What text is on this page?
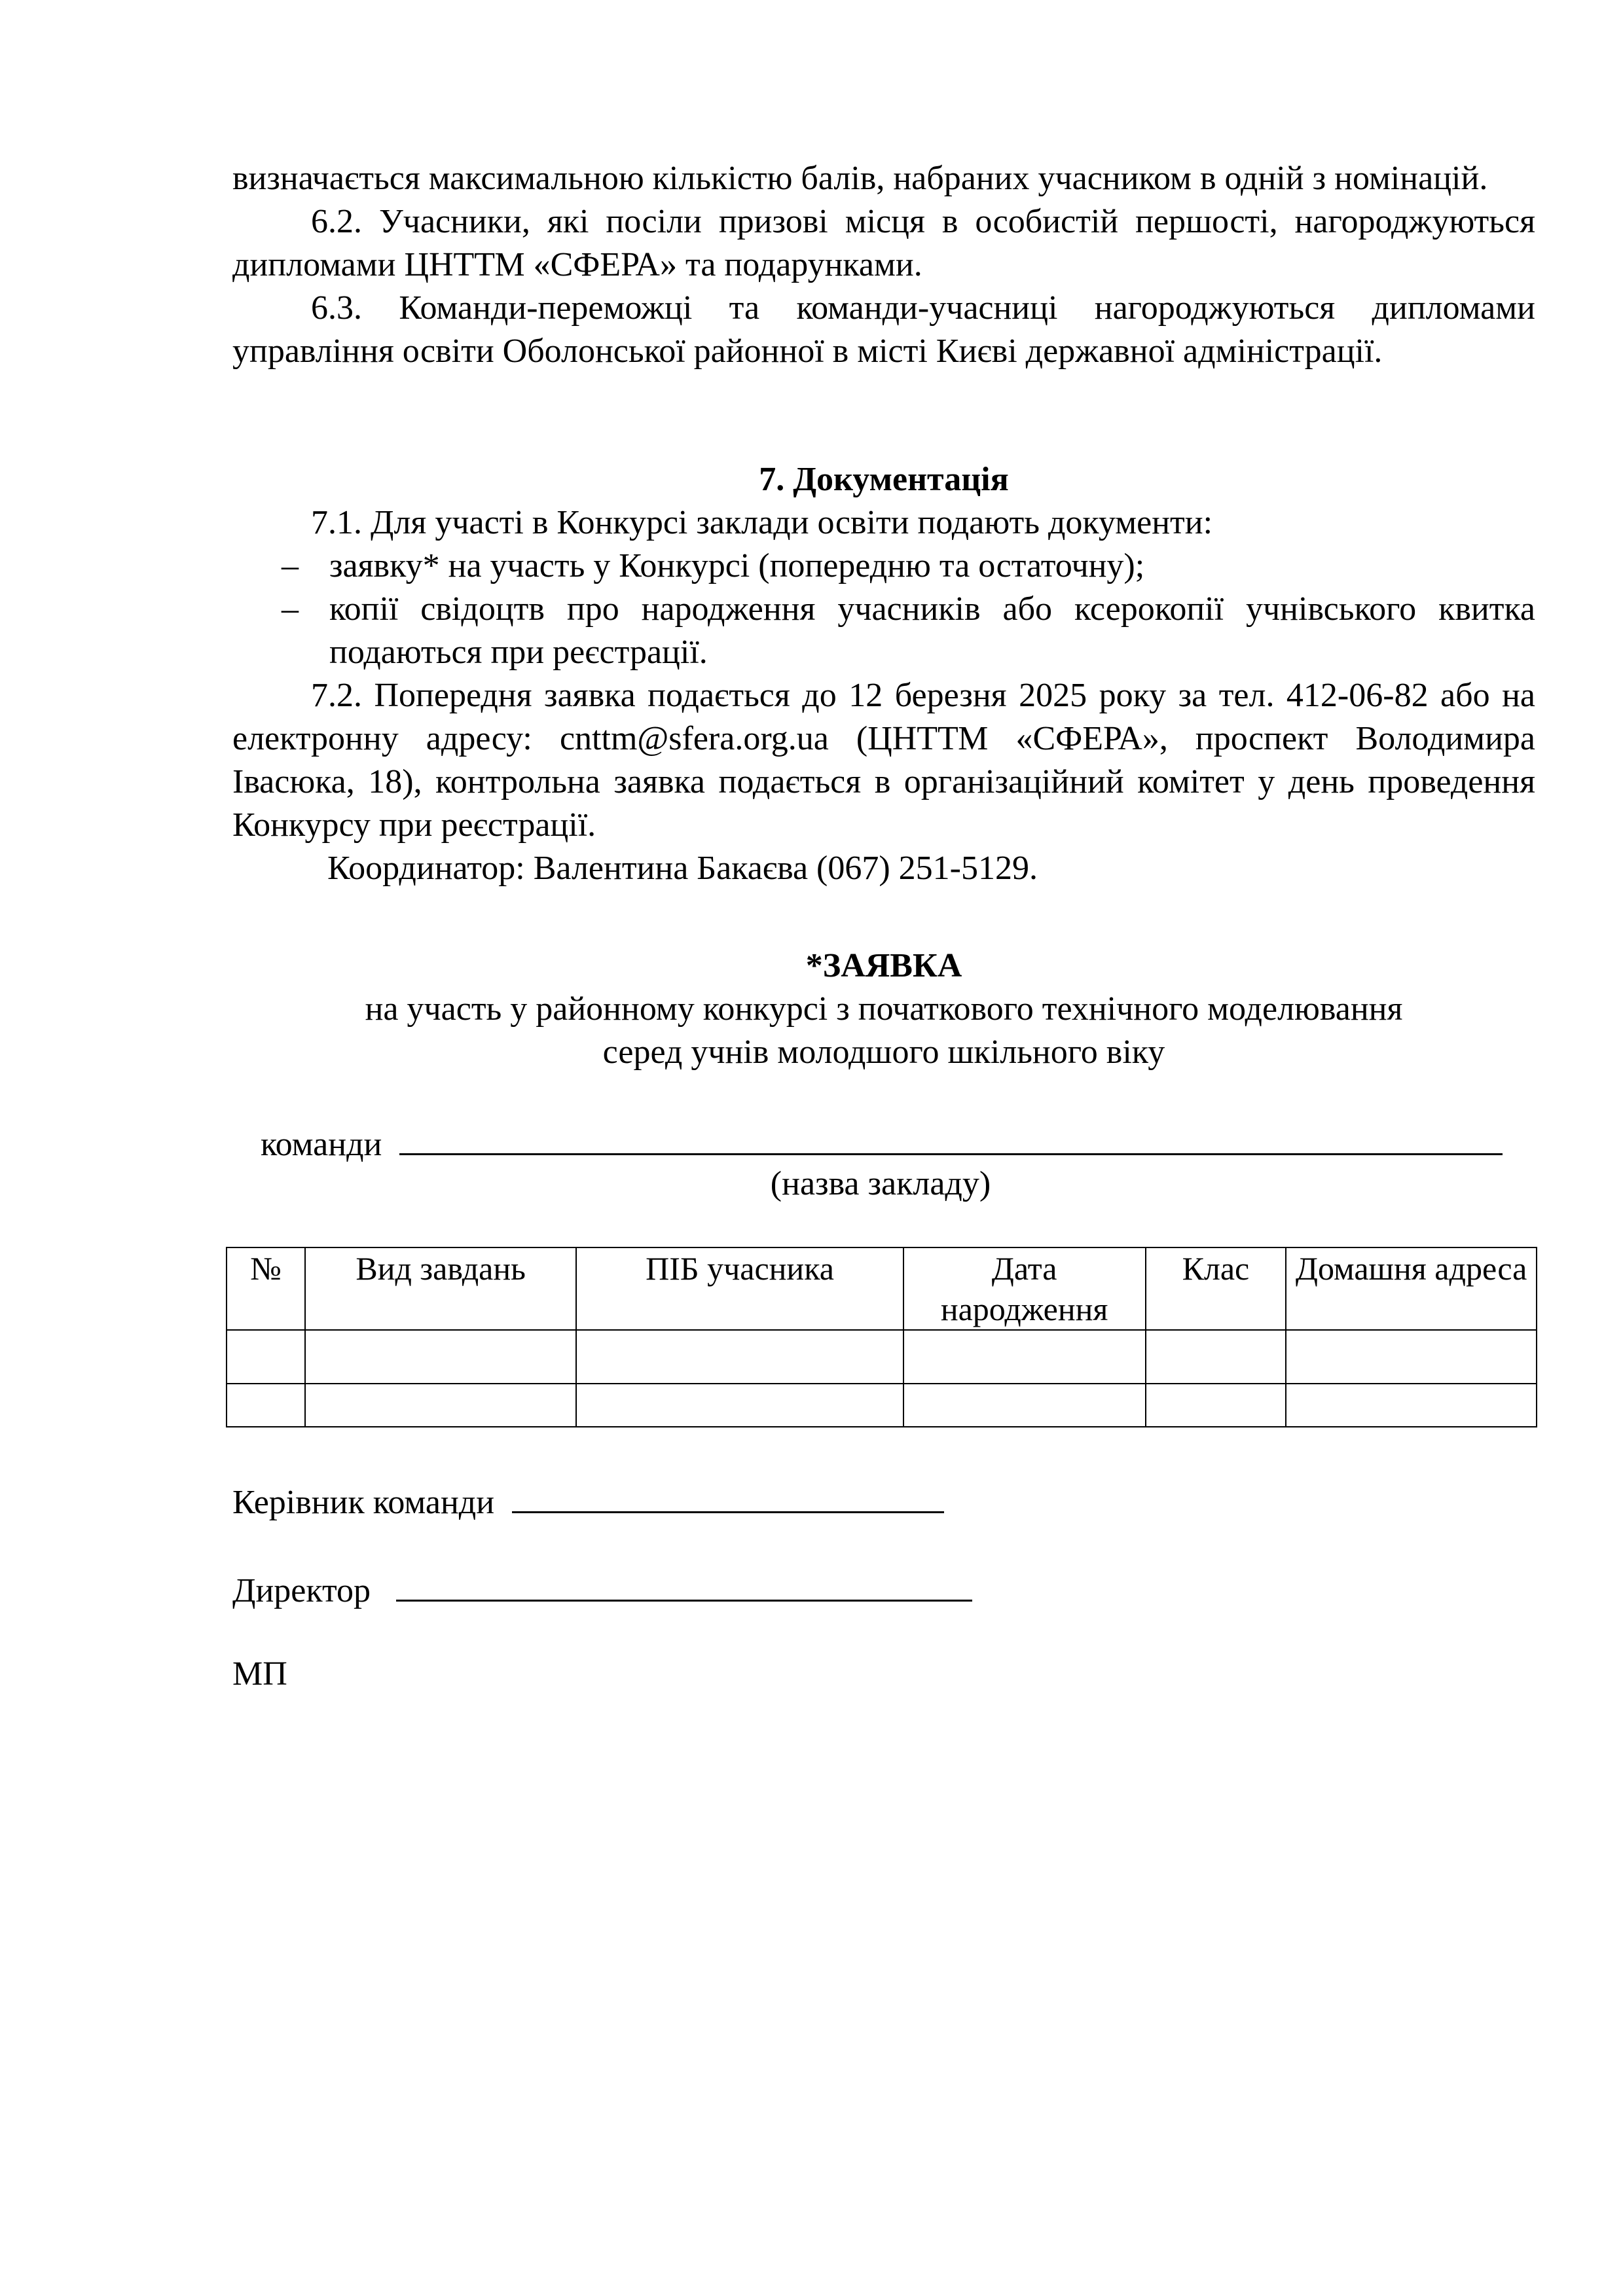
визначається максимальною кількістю балів, набраних учасником в одній з номінацій.

6.2. Учасники, які посіли призові місця в особистій першості, нагороджуються дипломами ЦНТТМ «СФЕРА» та подарунками.

6.3. Команди-переможці та команди-учасниці нагороджуються дипломами управління освіти Оболонської районної в місті Києві державної адміністрації.

7. Документація

7.1. Для участі в Конкурсі заклади освіти подають документи:

– заявку* на участь у Конкурсі (попередню та остаточну);
– копії свідоцтв про народження учасників або ксерокопії учнівського квитка подаються при реєстрації.

7.2. Попередня заявка подається до 12 березня 2025 року за тел. 412-06-82 або на електронну адресу: cnttm@sfera.org.ua (ЦНТТМ «СФЕРА», проспект Володимира Івасюка, 18), контрольна заявка подається в організаційний комітет у день проведення Конкурсу при реєстрації.

Координатор: Валентина Бакаєва (067) 251-5129.

*ЗАЯВКА
на участь у районному конкурсі з початкового технічного моделювання
серед учнів молодшого шкільного віку
команди
(назва закладу)
№	Вид завдань	ПІБ учасника	Дата народження	Клас	Домашня адреса

Керівник команди
Директор
МП
